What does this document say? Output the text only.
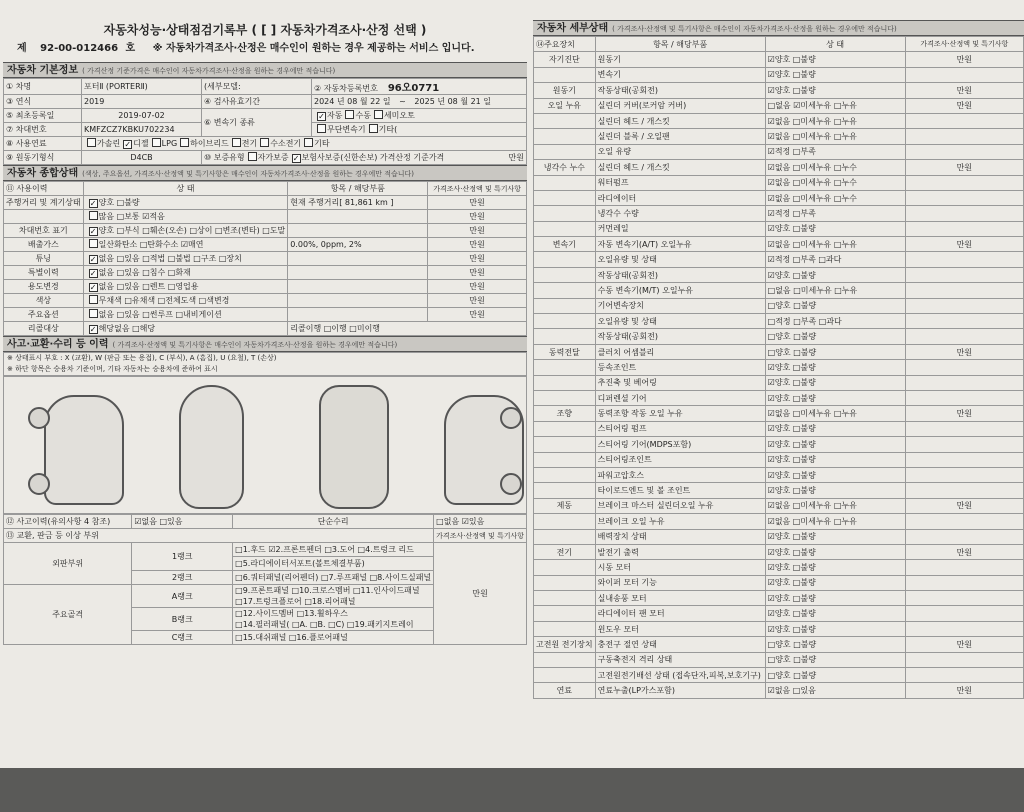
자동차성능·상태점검기록부 ( [ ] 자동차가격조사·산정 선택 )
제 92-00-012466 호 ※ 자동차가격조사·산정은 매수인이 원하는 경우 제공하는 서비스 입니다.
자동차 기본정보 ( 가격산정 기준가격은 매수인이 자동차가격조사·산정을 원하는 경우에만 적습니다)
① 차명	포터Ⅱ (PORTERⅡ)	(세부모델:	② 자동차등록번호 96오0771
③ 연식	2019	④ 검사유효기간	2024 년 08 월 22 일 ~ 2025 년 08 월 21 일
⑤ 최초등록일	2019-07-02	⑥ 변속기 종류	✓자동 수동 세미오토
⑦ 차대번호	KMFZCZ7KBKU702234		무단변속기 기타(
⑧ 사용연료	가솔린 ✓ 디젤 LPG 하이브리드 전기 수소전기 기타
⑨ 원동기형식	D4CB	⑩ 보증유형 자가보증 ✓ 보험사보증(신한손보) 가격산정 기준가격 만원
자동차 종합상태 (색상, 주요옵션, 가격조사·산정액 및 특기사항은 매수인이 자동차가격조사·산정을 원하는 경우에만 적습니다)
⑪ 사용이력	상 태	항목 / 해당부품	가격조사·산정액 및 특기사항
주행거리 및 계기상태	✓양호 □불량	현재 주행거리[ 81,861 km ]	만원
	많음 □보통 ☑적음		만원
차대번호 표기	✓양호 □부식 □훼손(오손) □상이 □변조(변타) □도말		만원
배출가스	일산화탄소 □탄화수소 ☑매연	0.00%, 0ppm, 2%	만원
튜닝	✓없음 □있음 □적법 □불법 □구조 □장치		만원
특별이력	✓없음 □있음 □침수 □화재		만원
용도변경	✓없음 □있음 □렌트 □영업용		만원
색상	무채색 □유채색 □전체도색 □색변경		만원
주요옵션	없음 □있음 □썬루프 □내비게이션		만원
리콜대상	✓해당없음 □해당	리콜이행 □이행 □미이행	
사고·교환·수리 등 이력 ( 가격조사·산정액 및 특기사항은 매수인이 자동차가격조사·산정을 원하는 경우에만 적습니다)
※ 상태표시 부호 : X (교환), W (판금 또는 용접), C (부식), A (흠집), U (요철), T (손상)
※ 하단 항목은 승용차 기준이며, 기타 자동차는 승용차에 준하여 표시
⑫ 사고이력(유의사항 4 참조)	☑없음 □있음	단순수리	□없음 ☑있음
⑬ 교환, 판금 등 이상 부위			가격조사·산정액 및 특기사항
외판부위	1랭크	□1.후드 ☑2.프론트펜더 □3.도어 □4.트렁크 리드	만원
		□5.라디에이터서포트(볼트체결부품)	
	2랭크	□6.쿼터패널(리어펜더) □7.루프패널 □8.사이드실패널	
주요골격	A랭크	□9.프론트패널 □10.크로스멤버 □11.인사이드패널
□17.트렁크플로어 □18.리어패널	

	B랭크	□12.사이드멤버 □13.휠하우스
□14.필러패널( □A. □B. □C) □19.패키지트레이	

	C랭크	□15.대쉬패널 □16.플로어패널	
자동차 세부상태 ( 가격조사·산정액 및 특기사항은 매수인이 자동차가격조사·산정을 원하는 경우에만 적습니다)
⑭주요장치	항목 / 해당부품	상 태	가격조사·산정액 및 특기사항
자기진단	원동기	☑양호 □불량	만원
	변속기	☑양호 □불량	
원동기	작동상태(공회전)	☑양호 □불량	만원
오일 누유	실린더 커버(로커암 커버)	□없음 ☑미세누유 □누유	만원
	실린더 헤드 / 개스킷	☑없음 □미세누유 □누유	
	실린더 블록 / 오일팬	☑없음 □미세누유 □누유	
	오일 유량	☑적정 □부족	
냉각수 누수	실린더 헤드 / 개스킷	☑없음 □미세누유 □누수	만원
	워터펌프	☑없음 □미세누유 □누수	
	라디에이터	☑없음 □미세누유 □누수	
	냉각수 수량	☑적정 □부족	
	커먼레일	☑양호 □불량	
변속기	자동 변속기(A/T) 오일누유	☑없음 □미세누유 □누유	만원
	오일유량 및 상태	☑적정 □부족 □과다	
	작동상태(공회전)	☑양호 □불량	
	수동 변속기(M/T) 오일누유	□없음 □미세누유 □누유	
	기어변속장치	□양호 □불량	
	오일유량 및 상태	□적정 □부족 □과다	
	작동상태(공회전)	□양호 □불량	
동력전달	클러치 어셈블리	□양호 □불량	만원
	등속조인트	☑양호 □불량	
	추진축 및 베어링	☑양호 □불량	
	디퍼렌셜 기어	☑양호 □불량	
조향	동력조향 작동 오일 누유	☑없음 □미세누유 □누유	만원
	스티어링 펌프	☑양호 □불량	
	스티어링 기어(MDPS포함)	☑양호 □불량	
	스티어링조인트	☑양호 □불량	
	파워고압호스	☑양호 □불량	
	타이로드엔드 및 볼 조인트	☑양호 □불량	
제동	브레이크 마스터 실린더오일 누유	☑없음 □미세누유 □누유	만원
	브레이크 오일 누유	☑없음 □미세누유 □누유	
	배력장치 상태	☑양호 □불량	
전기	발전기 출력	☑양호 □불량	만원
	시동 모터	☑양호 □불량	
	와이퍼 모터 기능	☑양호 □불량	
	실내송풍 모터	☑양호 □불량	
	라디에이터 팬 모터	☑양호 □불량	
	윈도우 모터	☑양호 □불량	
고전원 전기장치	충전구 절연 상태	□양호 □불량	만원
	구동축전지 격리 상태	□양호 □불량	
	고전원전기배선 상태 (접속단자,피복,보호기구)	□양호 □불량	
연료	연료누출(LP가스포함)	☑없음 □있음	만원
